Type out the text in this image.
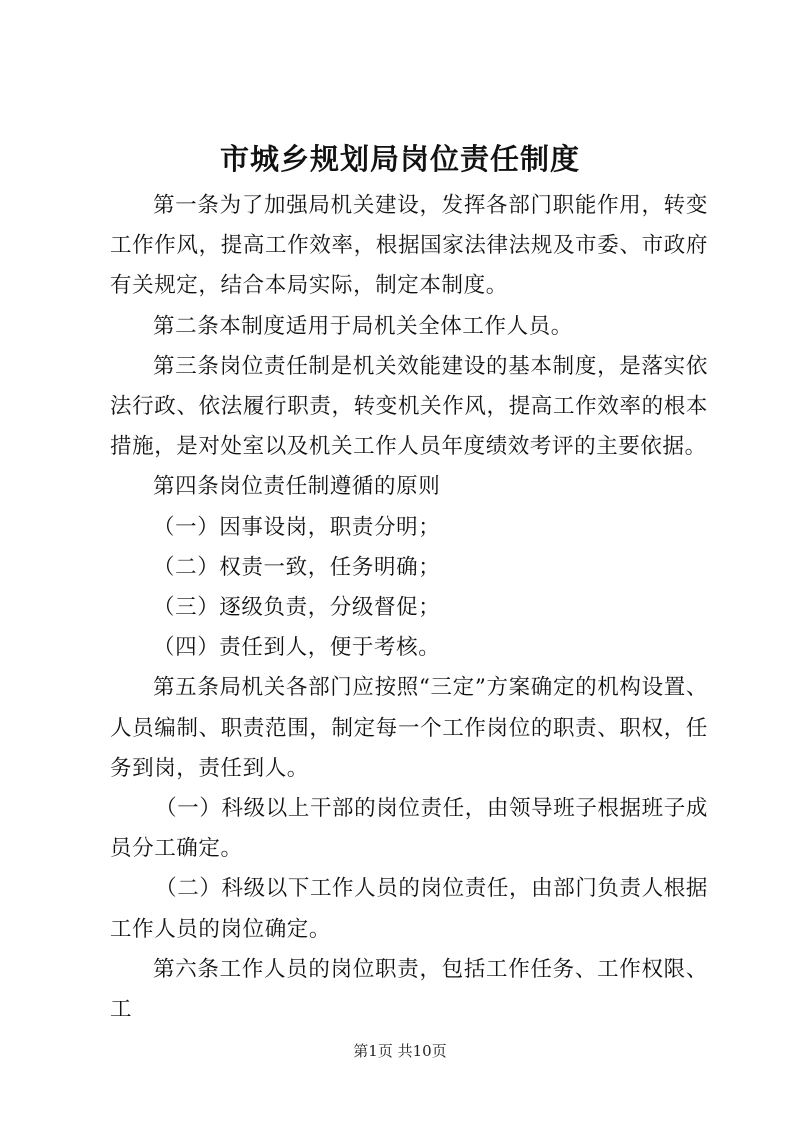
市城乡规划局岗位责任制度

第一条为了加强局机关建设，发挥各部门职能作用，转变工作作风，提高工作效率，根据国家法律法规及市委、市政府有关规定，结合本局实际，制定本制度。

第二条本制度适用于局机关全体工作人员。

第三条岗位责任制是机关效能建设的基本制度，是落实依法行政、依法履行职责，转变机关作风，提高工作效率的根本措施，是对处室以及机关工作人员年度绩效考评的主要依据。

第四条岗位责任制遵循的原则

（一）因事设岗，职责分明；

（二）权责一致，任务明确；

（三）逐级负责，分级督促；

（四）责任到人，便于考核。

第五条局机关各部门应按照“三定”方案确定的机构设置、人员编制、职责范围，制定每一个工作岗位的职责、职权，任务到岗，责任到人。

（一）科级以上干部的岗位责任，由领导班子根据班子成员分工确定。

（二）科级以下工作人员的岗位责任，由部门负责人根据工作人员的岗位确定。

第六条工作人员的岗位职责，包括工作任务、工作权限、工

第1页 共10页
